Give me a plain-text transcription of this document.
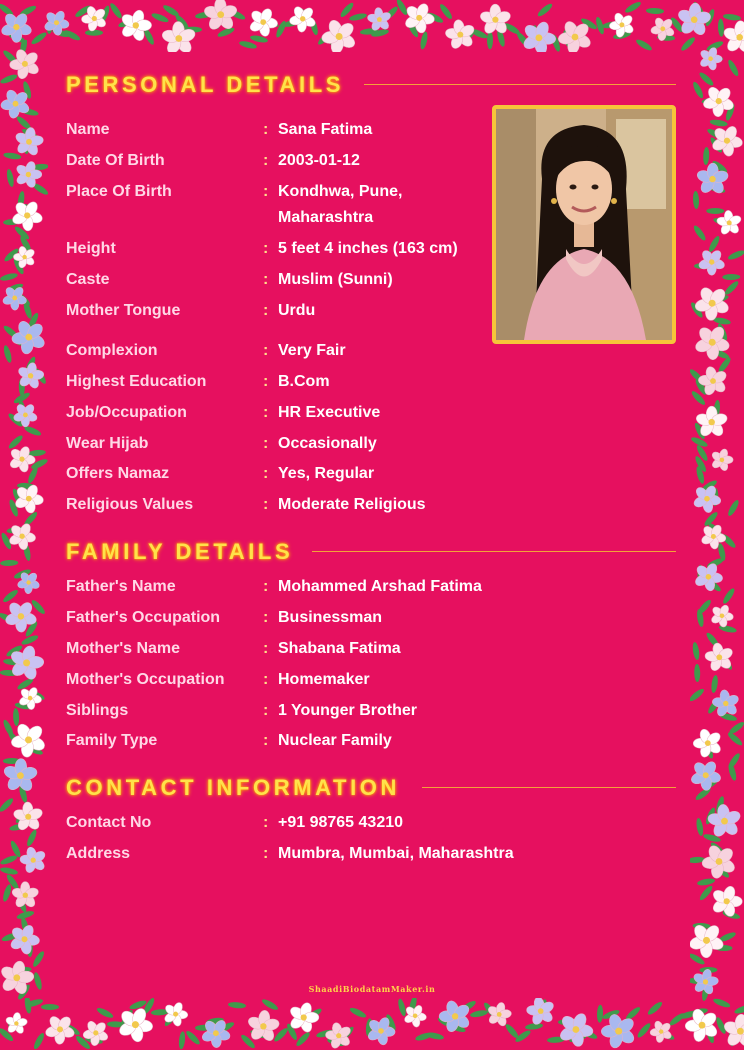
PERSONAL DETAILS
Name	: Sana Fatima
Date Of Birth	: 2003-01-12
Place Of Birth	: Kondhwa, Pune, Maharashtra
Height	: 5 feet 4 inches (163 cm)
Caste	: Muslim (Sunni)
Mother Tongue	: Urdu
Complexion	: Very Fair
Highest Education	: B.Com
Job/Occupation	: HR Executive
Wear Hijab	: Occasionally
Offers Namaz	: Yes, Regular
Religious Values	: Moderate Religious
FAMILY DETAILS
Father's Name	: Mohammed Arshad Fatima
Father's Occupation	: Businessman
Mother's Name	: Shabana Fatima
Mother's Occupation : Homemaker
Siblings	: 1 Younger Brother
Family Type	: Nuclear Family
CONTACT INFORMATION
Contact No	: +91 98765 43210
Address	: Mumbra, Mumbai, Maharashtra
ShaadiBiodatamMaker.in
